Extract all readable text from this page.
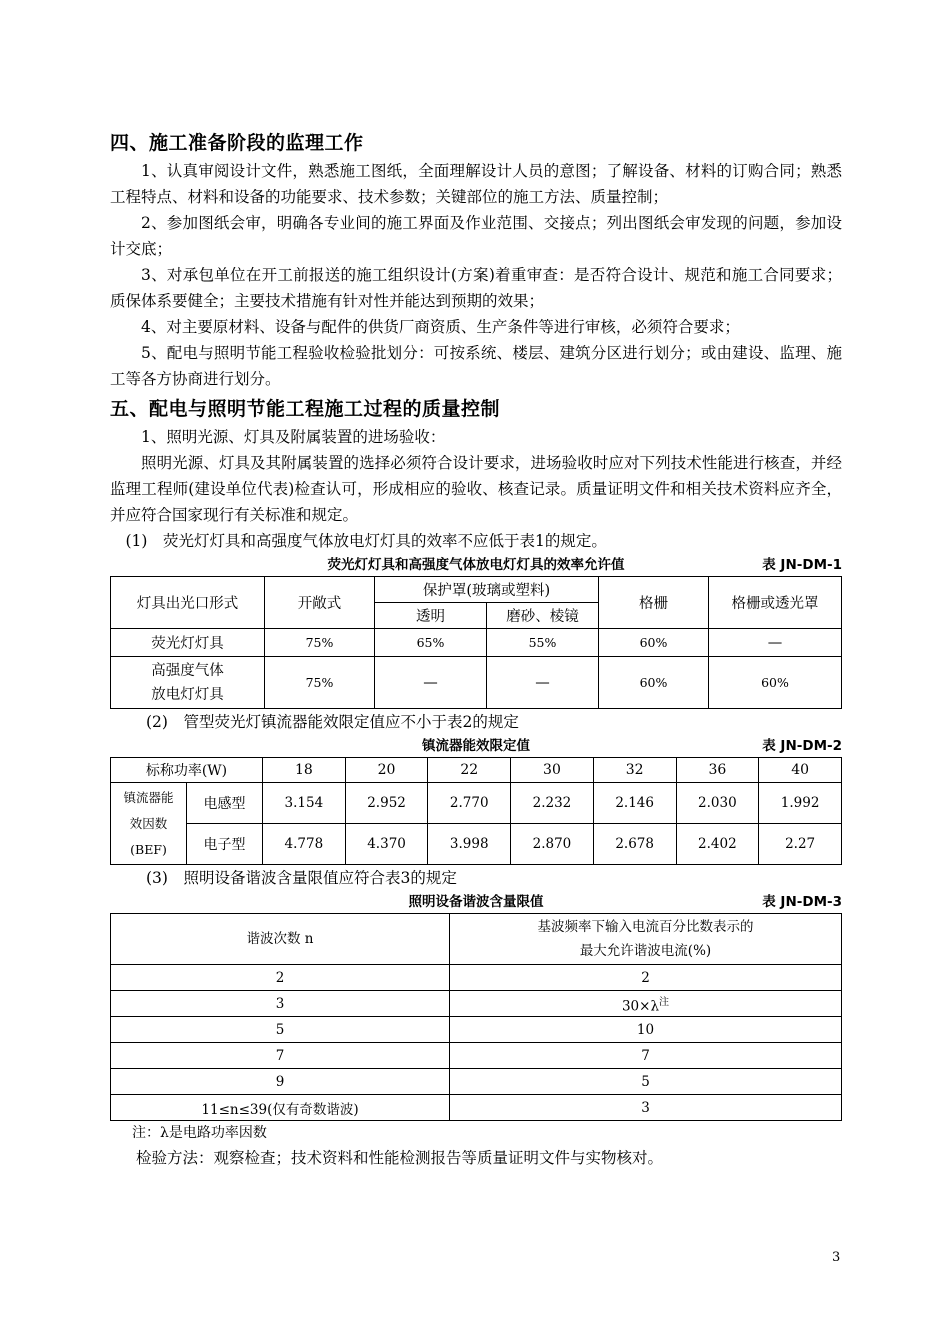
四、施工准备阶段的监理工作

1、认真审阅设计文件，熟悉施工图纸，全面理解设计人员的意图；了解设备、材料的订购合同；熟悉工程特点、材料和设备的功能要求、技术参数；关键部位的施工方法、质量控制；

2、参加图纸会审，明确各专业间的施工界面及作业范围、交接点；列出图纸会审发现的问题，参加设计交底；

3、对承包单位在开工前报送的施工组织设计(方案)着重审查：是否符合设计、规范和施工合同要求；质保体系要健全；主要技术措施有针对性并能达到预期的效果；

4、对主要原材料、设备与配件的供货厂商资质、生产条件等进行审核，必须符合要求；

5、配电与照明节能工程验收检验批划分：可按系统、楼层、建筑分区进行划分；或由建设、监理、施工等各方协商进行划分。

五、配电与照明节能工程施工过程的质量控制

1、照明光源、灯具及附属装置的进场验收：

照明光源、灯具及其附属装置的选择必须符合设计要求，进场验收时应对下列技术性能进行核查，并经监理工程师(建设单位代表)检查认可，形成相应的验收、核查记录。质量证明文件和相关技术资料应齐全，并应符合国家现行有关标准和规定。

(1)　荧光灯灯具和高强度气体放电灯灯具的效率不应低于表1的规定。

荧光灯灯具和高强度气体放电灯灯具的效率允许值	表 JN-DM-1
灯具出光口形式	开敞式	保护罩(玻璃或塑料)		格栅	格栅或透光罩
		透明	磨砂、棱镜		
荧光灯灯具	75%	65%	55%	60%	—
高强度气体
放电灯灯具	75%	—	—	60%	60%

(2)　管型荧光灯镇流器能效限定值应不小于表2的规定

镇流器能效限定值	表 JN-DM-2
标称功率(W)		18	20	22	30	32	36	40
镇流器能
效因数
(BEF)	电感型	3.154	2.952	2.770	2.232	2.146	2.030	1.992
	电子型	4.778	4.370	3.998	2.870	2.678	2.402	2.27

(3)　照明设备谐波含量限值应符合表3的规定

照明设备谐波含量限值	表 JN-DM-3
谐波次数 n	基波频率下输入电流百分比数表示的
最大允许谐波电流(%)
2	2
3	$30\times\lambda^注$
5	10
7	7
9	5
11≤n≤39(仅有奇数谐波)	3
注：λ是电路功率因数

检验方法：观察检查；技术资料和性能检测报告等质量证明文件与实物核对。

3
